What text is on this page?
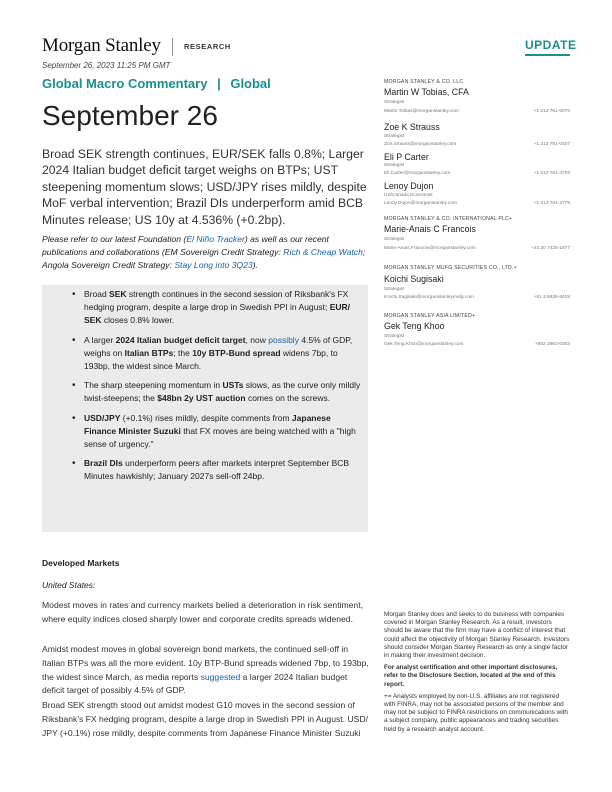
Morgan Stanley	RESEARCH	UPDATE
September 26, 2023 11:25 PM GMT
Global Macro Commentary | Global
September 26
Broad SEK strength continues, EUR/SEK falls 0.8%; Larger 2024 Italian budget deficit target weighs on BTPs; UST steepening momentum slows; USD/JPY rises mildly, despite MoF verbal intervention; Brazil DIs underperform amid BCB Minutes release; US 10y at 4.536% (+0.2bp).
Please refer to our latest Foundation (El Niño Tracker) as well as our recent publications and collaborations (EM Sovereign Credit Strategy: Rich & Cheap Watch; Angola Sovereign Credit Strategy: Stay Long into 3Q23).
• Broad SEK strength continues in the second session of Riksbank's FX hedging program, despite a large drop in Swedish PPI in August; EUR/ SEK closes 0.8% lower.
• A larger 2024 Italian budget deficit target, now possibly 4.5% of GDP, weighs on Italian BTPs; the 10y BTP-Bund spread widens 7bp, to 193bp, the widest since March.
• The sharp steepening momentum in USTs slows, as the curve only mildly twist-steepens; the $48bn 2y UST auction comes on the screws.
• USD/JPY (+0.1%) rises mildly, despite comments from Japanese Finance Minister Suzuki that FX moves are being watched with a "high sense of urgency."
• Brazil DIs underperform peers after markets interpret September BCB Minutes hawkishly; January 2027s sell-off 24bp.
Developed Markets
United States:
Modest moves in rates and currency markets belied a deterioration in risk sentiment, where equity indices closed sharply lower and corporate credits spreads widened.
Amidst modest moves in global sovereign bond markets, the continued sell-off in Italian BTPs was all the more evident. 10y BTP-Bund spreads widened 7bp, to 193bp, the widest since March, as media reports suggested a larger 2024 Italian budget deficit target of possibly 4.5% of GDP.
Broad SEK strength stood out amidst modest G10 moves in the second session of Riksbank's FX hedging program, despite a large drop in Swedish PPI in August. USD/ JPY (+0.1%) rose mildly, despite comments from Japanese Finance Minister Suzuki
MORGAN STANLEY & CO. LLC
Martin W Tobias, CFA
Strategist
Martin.Tobias@morganstanley.com	+1 212 761-6076
Zoe K Strauss
Strategist
Zoe.Strauss@morganstanley.com	+1 212 761-0407
Eli P Carter
Strategist
Eli.Carter@morganstanley.com	+1 212 761-4703
Lenoy Dujon
US/Canada Economist
Lenoy.Dujon@morganstanley.com	+1 212 761-2779
MORGAN STANLEY & CO. INTERNATIONAL PLC+
Marie-Anais C Francois
Strategist
Marie-Anais.Francois@morganstanley.com	+44 20 7425-1877
MORGAN STANLEY MUFG SECURITIES CO., LTD.+
Koichi Sugisaki
Strategist
Koichi.Sugisaki@morganstanleymufg.com	+81 3 6836-8428
MORGAN STANLEY ASIA LIMITED+
Gek Teng Khoo
Strategist
Gek.Teng.Khoo@morganstanley.com	+852 3963-0303

Morgan Stanley does and seeks to do business with companies covered in Morgan Stanley Research. As a result, investors should be aware that the firm may have a conflict of interest that could affect the objectivity of Morgan Stanley Research. Investors should consider Morgan Stanley Research as only a single factor in making their investment decision.

For analyst certification and other important disclosures, refer to the Disclosure Section, located at the end of this report.

+= Analysts employed by non-U.S. affiliates are not registered with FINRA, may not be associated persons of the member and may not be subject to FINRA restrictions on communications with a subject company, public appearances and trading securities held by a research analyst account.
